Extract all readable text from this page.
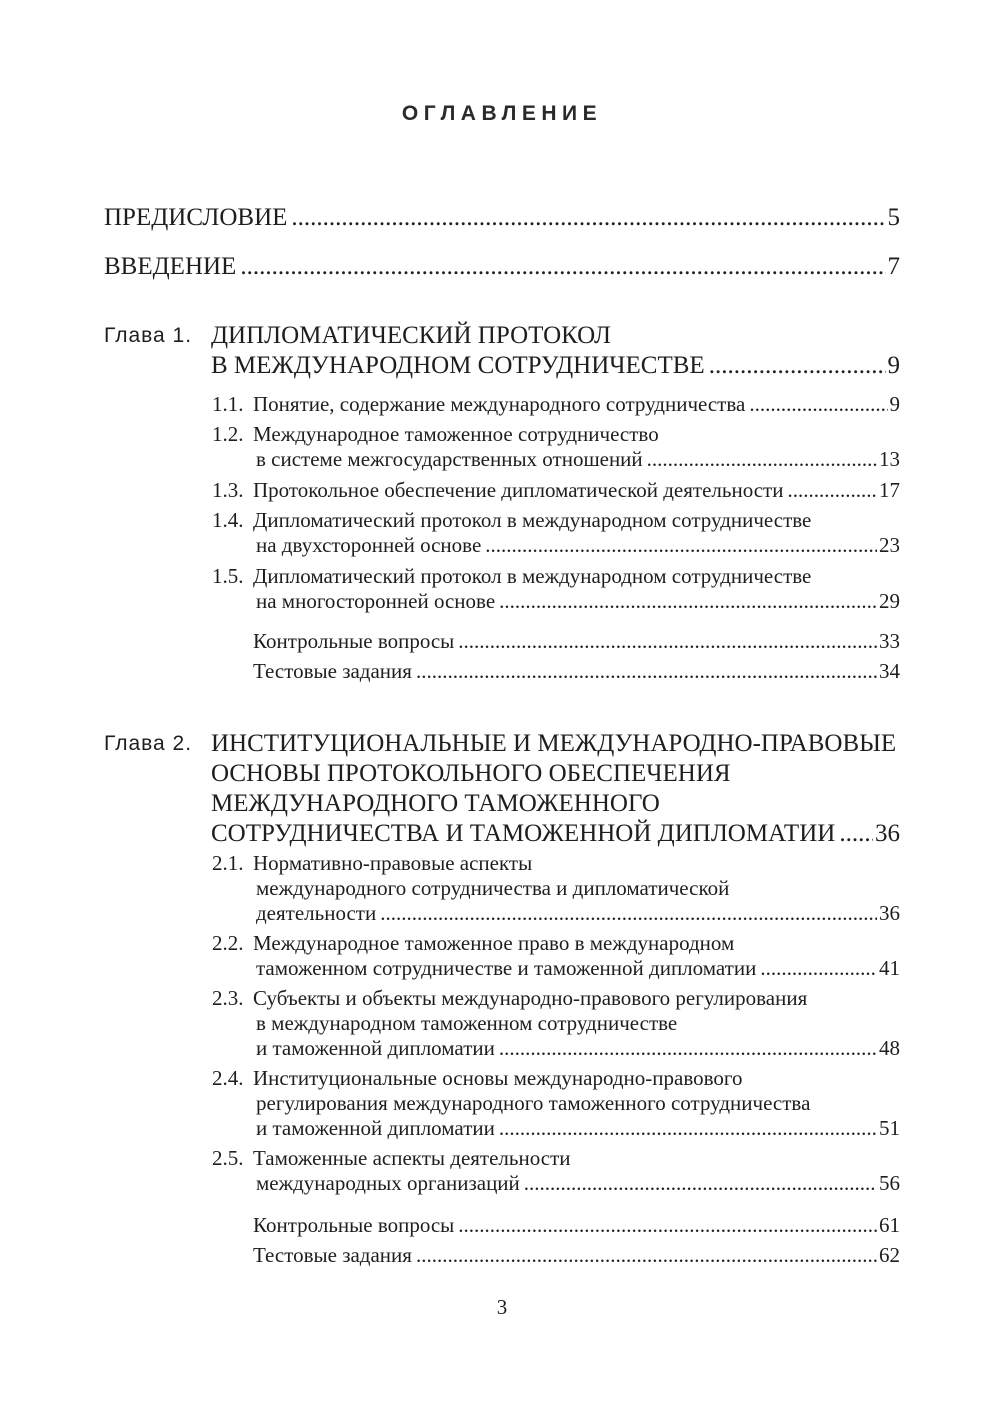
ОГЛАВЛЕНИЕ
ПРЕДИСЛОВИЕ .....	5
ВВЕДЕНИЕ .....	7
Глава 1. ДИПЛОМАТИЧЕСКИЙ ПРОТОКОЛ
В МЕЖДУНАРОДНОМ СОТРУДНИЧЕСТВЕ .....	9
1.1. Понятие, содержание международного сотрудничества .....	9
1.2. Международное таможенное сотрудничество
в системе межгосударственных отношений .....	13
1.3. Протокольное обеспечение дипломатической деятельности .....	17
1.4. Дипломатический протокол в международном сотрудничестве
на двухсторонней основе .....	23
1.5. Дипломатический протокол в международном сотрудничестве
на многосторонней основе .....	29
Контрольные вопросы .....	33
Тестовые задания .....	34
Глава 2. ИНСТИТУЦИОНАЛЬНЫЕ И МЕЖДУНАРОДНО-ПРАВОВЫЕ
ОСНОВЫ ПРОТОКОЛЬНОГО ОБЕСПЕЧЕНИЯ
МЕЖДУНАРОДНОГО ТАМОЖЕННОГО
СОТРУДНИЧЕСТВА И ТАМОЖЕННОЙ ДИПЛОМАТИИ ..... 36
2.1. Нормативно-правовые аспекты
международного сотрудничества и дипломатической
деятельности .....	36
2.2. Международное таможенное право в международном
таможенном сотрудничестве и таможенной дипломатии .....	41
2.3. Субъекты и объекты международно-правового регулирования
в международном таможенном сотрудничестве
и таможенной дипломатии .....	48
2.4. Институциональные основы международно-правового
регулирования международного таможенного сотрудничества
и таможенной дипломатии .....	51
2.5. Таможенные аспекты деятельности
международных организаций .....	56
Контрольные вопросы .....	61
Тестовые задания .....	62
3
